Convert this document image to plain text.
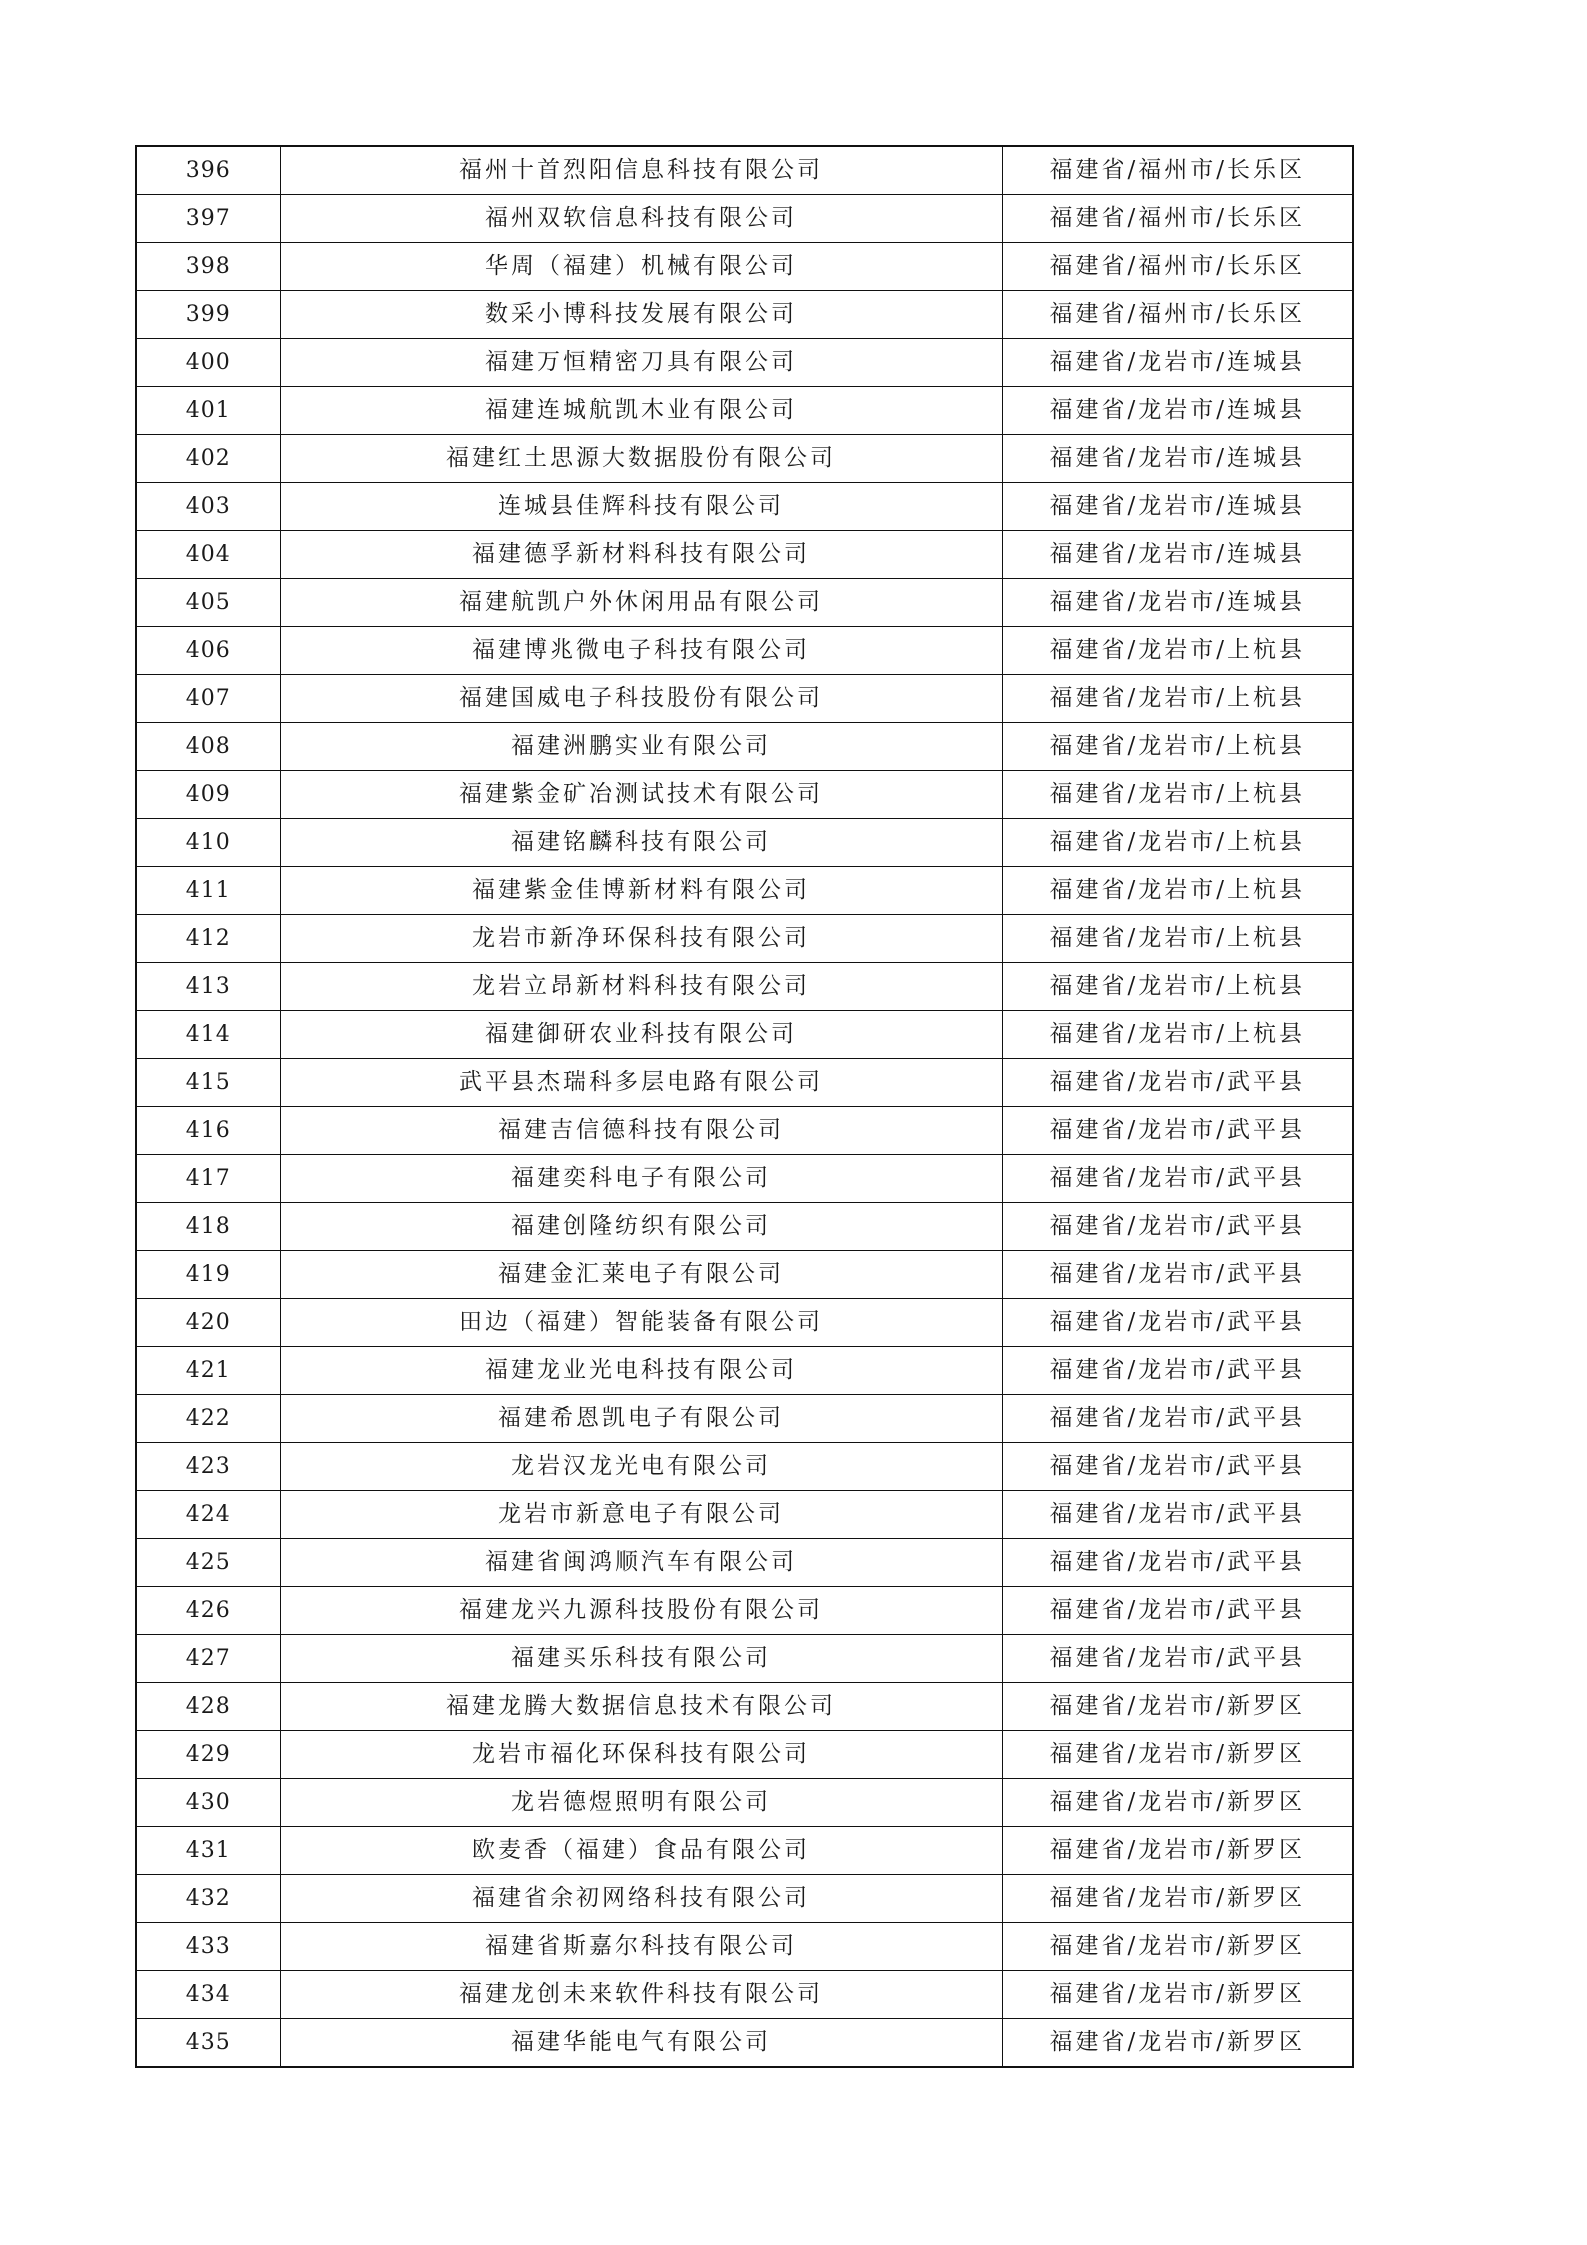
396	福州十首烈阳信息科技有限公司	福建省/福州市/长乐区
397	福州双软信息科技有限公司	福建省/福州市/长乐区
398	华周（福建）机械有限公司	福建省/福州市/长乐区
399	数采小博科技发展有限公司	福建省/福州市/长乐区
400	福建万恒精密刀具有限公司	福建省/龙岩市/连城县
401	福建连城航凯木业有限公司	福建省/龙岩市/连城县
402	福建红土思源大数据股份有限公司	福建省/龙岩市/连城县
403	连城县佳辉科技有限公司	福建省/龙岩市/连城县
404	福建德孚新材料科技有限公司	福建省/龙岩市/连城县
405	福建航凯户外休闲用品有限公司	福建省/龙岩市/连城县
406	福建博兆微电子科技有限公司	福建省/龙岩市/上杭县
407	福建国威电子科技股份有限公司	福建省/龙岩市/上杭县
408	福建洲鹏实业有限公司	福建省/龙岩市/上杭县
409	福建紫金矿冶测试技术有限公司	福建省/龙岩市/上杭县
410	福建铭麟科技有限公司	福建省/龙岩市/上杭县
411	福建紫金佳博新材料有限公司	福建省/龙岩市/上杭县
412	龙岩市新净环保科技有限公司	福建省/龙岩市/上杭县
413	龙岩立昂新材料科技有限公司	福建省/龙岩市/上杭县
414	福建御研农业科技有限公司	福建省/龙岩市/上杭县
415	武平县杰瑞科多层电路有限公司	福建省/龙岩市/武平县
416	福建吉信德科技有限公司	福建省/龙岩市/武平县
417	福建奕科电子有限公司	福建省/龙岩市/武平县
418	福建创隆纺织有限公司	福建省/龙岩市/武平县
419	福建金汇莱电子有限公司	福建省/龙岩市/武平县
420	田边（福建）智能装备有限公司	福建省/龙岩市/武平县
421	福建龙业光电科技有限公司	福建省/龙岩市/武平县
422	福建希恩凯电子有限公司	福建省/龙岩市/武平县
423	龙岩汉龙光电有限公司	福建省/龙岩市/武平县
424	龙岩市新意电子有限公司	福建省/龙岩市/武平县
425	福建省闽鸿顺汽车有限公司	福建省/龙岩市/武平县
426	福建龙兴九源科技股份有限公司	福建省/龙岩市/武平县
427	福建买乐科技有限公司	福建省/龙岩市/武平县
428	福建龙腾大数据信息技术有限公司	福建省/龙岩市/新罗区
429	龙岩市福化环保科技有限公司	福建省/龙岩市/新罗区
430	龙岩德煜照明有限公司	福建省/龙岩市/新罗区
431	欧麦香（福建）食品有限公司	福建省/龙岩市/新罗区
432	福建省余初网络科技有限公司	福建省/龙岩市/新罗区
433	福建省斯嘉尔科技有限公司	福建省/龙岩市/新罗区
434	福建龙创未来软件科技有限公司	福建省/龙岩市/新罗区
435	福建华能电气有限公司	福建省/龙岩市/新罗区
